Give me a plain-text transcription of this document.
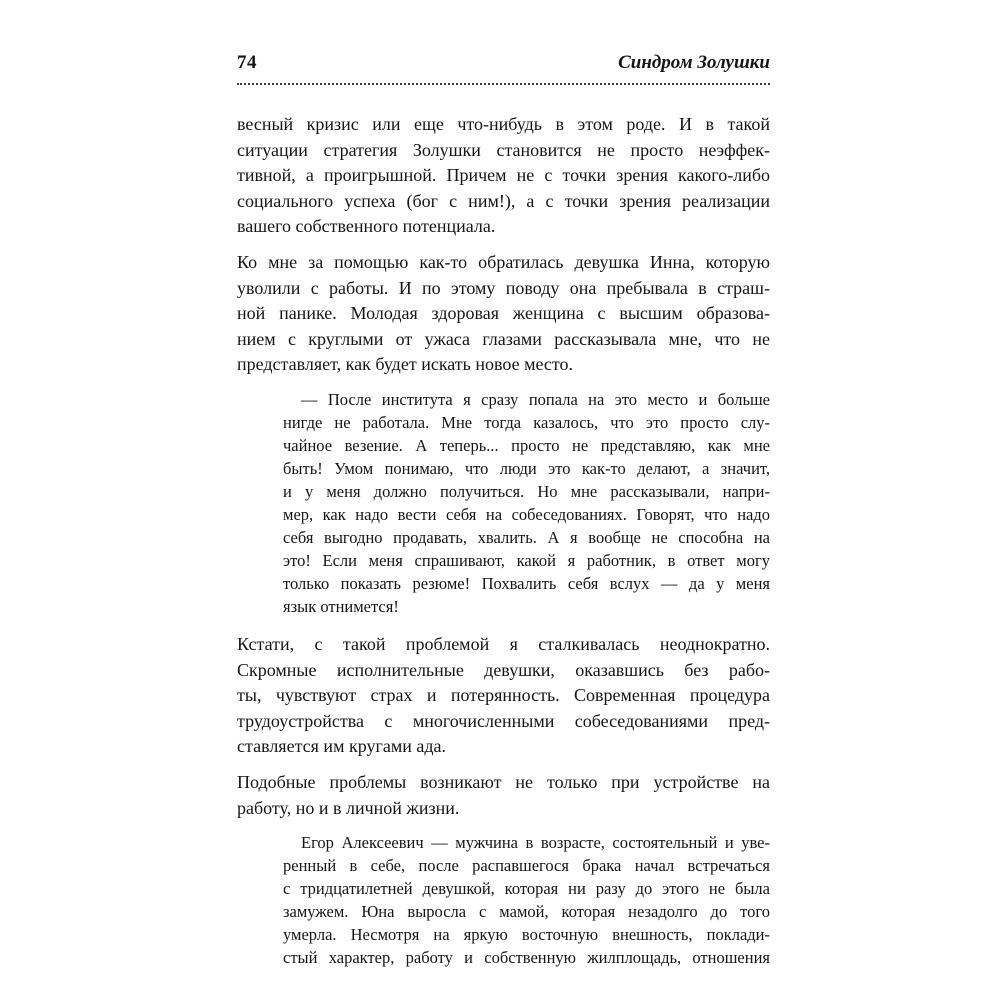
74	Синдром Золушки
весный кризис или еще что-нибудь в этом роде. И в такой
ситуации стратегия Золушки становится не просто неэффек-
тивной, а проигрышной. Причем не с точки зрения какого-либо
социального успеха (бог с ним!), а с точки зрения реализации
вашего собственного потенциала.
Ко мне за помощью как-то обратилась девушка Инна, которую
уволили с работы. И по этому поводу она пребывала в страш-
ной панике. Молодая здоровая женщина с высшим образова-
нием с круглыми от ужаса глазами рассказывала мне, что не
представляет, как будет искать новое место.
— После института я сразу попала на это место и больше
нигде не работала. Мне тогда казалось, что это просто слу-
чайное везение. А теперь... просто не представляю, как мне
быть! Умом понимаю, что люди это как-то делают, а значит,
и у меня должно получиться. Но мне рассказывали, напри-
мер, как надо вести себя на собеседованиях. Говорят, что надо
себя выгодно продавать, хвалить. А я вообще не способна на
это! Если меня спрашивают, какой я работник, в ответ могу
только показать резюме! Похвалить себя вслух — да у меня
язык отнимется!
Кстати, с такой проблемой я сталкивалась неоднократно.
Скромные исполнительные девушки, оказавшись без рабо-
ты, чувствуют страх и потерянность. Современная процедура
трудоустройства с многочисленными собеседованиями пред-
ставляется им кругами ада.
Подобные проблемы возникают не только при устройстве на
работу, но и в личной жизни.
Егор Алексеевич — мужчина в возрасте, состоятельный и уве-
ренный в себе, после распавшегося брака начал встречаться
с тридцатилетней девушкой, которая ни разу до этого не была
замужем. Юна выросла с мамой, которая незадолго до того
умерла. Несмотря на яркую восточную внешность, поклади-
стый характер, работу и собственную жилплощадь, отношения
